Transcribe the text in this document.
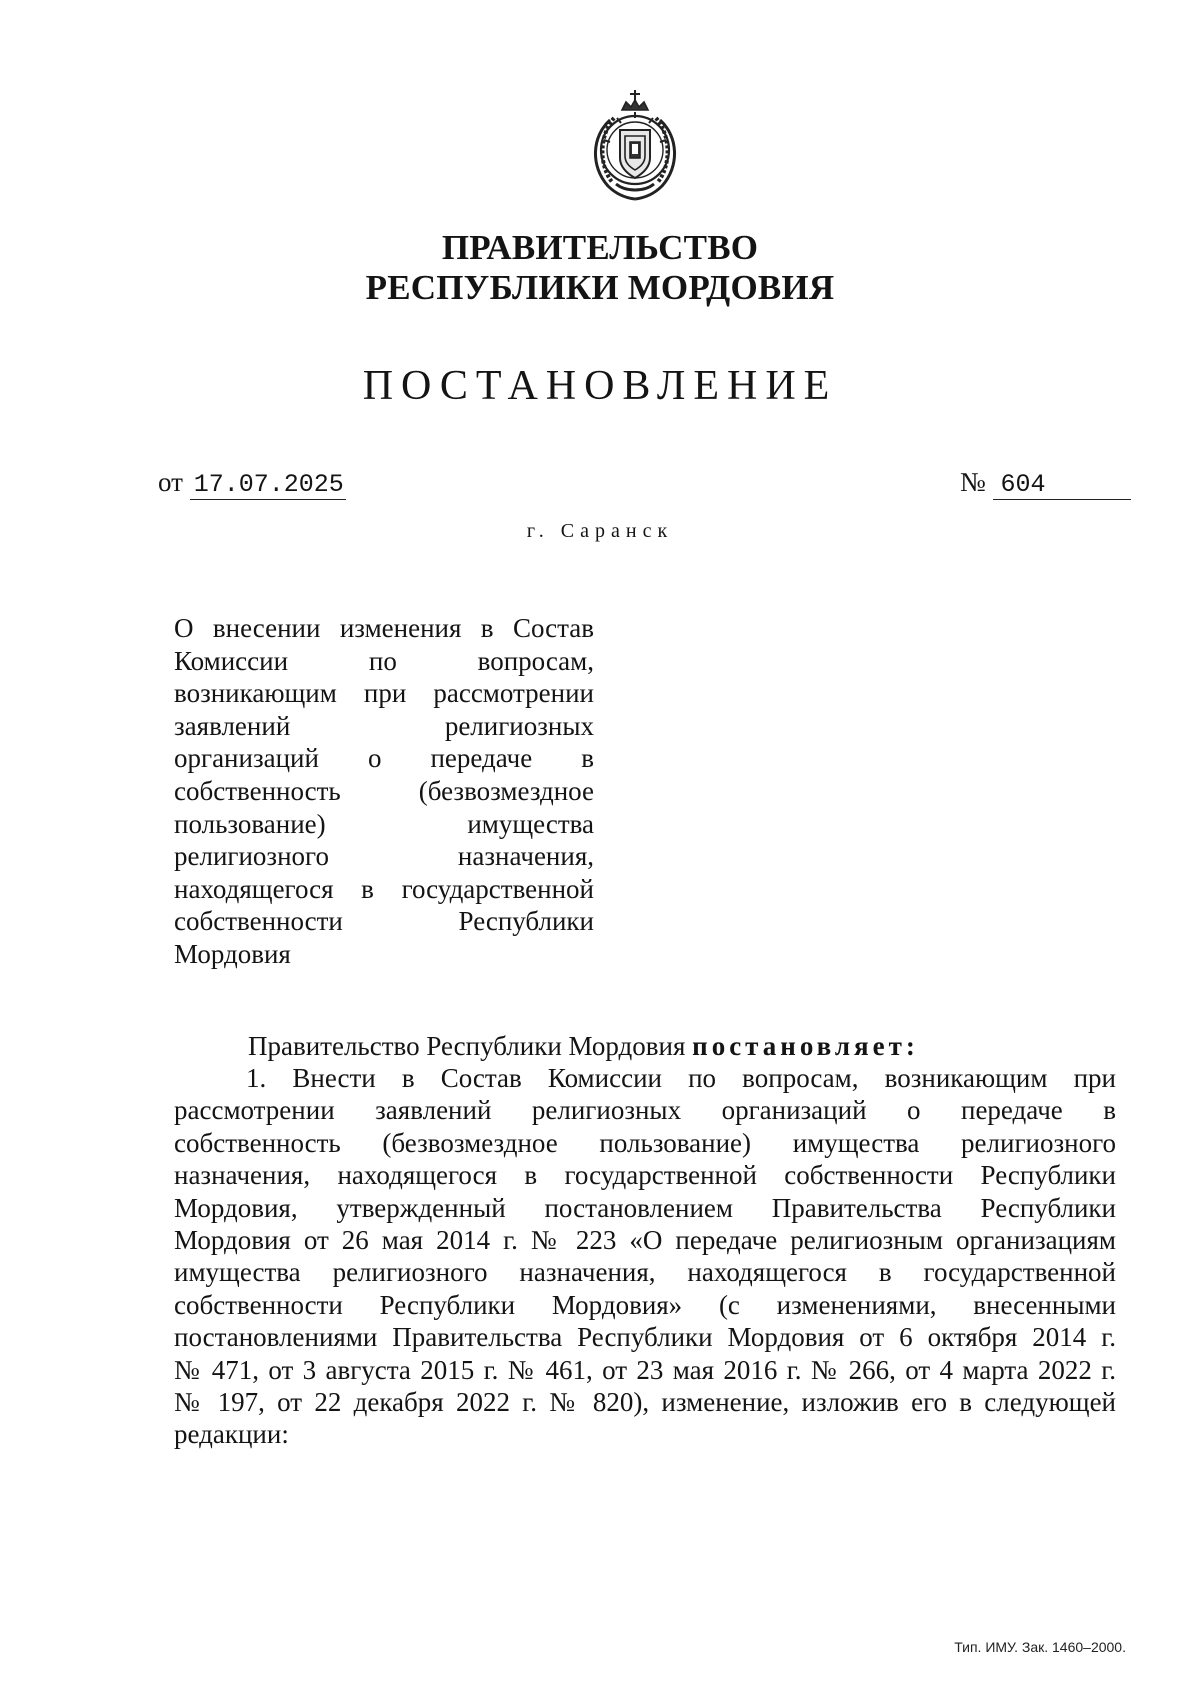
ПРАВИТЕЛЬСТВО
РЕСПУБЛИКИ МОРДОВИЯ
ПОСТАНОВЛЕНИЕ
от 17.07.2025	№ 604
г. Саранск
О внесении изменения в Состав
Комиссии по вопросам,
возникающим при рассмотрении
заявлений религиозных
организаций о передаче в
собственность (безвозмездное
пользование) имущества
религиозного назначения,
находящегося в государственной
собственности Республики
Мордовия
Правительство Республики Мордовия постановляет:
1. Внести в Состав Комиссии по вопросам, возникающим при
рассмотрении заявлений религиозных организаций о передаче в
собственность (безвозмездное пользование) имущества религиозного
назначения, находящегося в государственной собственности Республики
Мордовия, утвержденный постановлением Правительства Республики
Мордовия от 26 мая 2014 г. № 223 «О передаче религиозным организациям
имущества религиозного назначения, находящегося в государственной
собственности Республики Мордовия» (с изменениями, внесенными
постановлениями Правительства Республики Мордовия от 6 октября 2014 г.
№ 471, от 3 августа 2015 г. № 461, от 23 мая 2016 г. № 266, от 4 марта 2022 г.
№ 197, от 22 декабря 2022 г. № 820), изменение, изложив его в следующей
редакции:
Тип. ИМУ. Зак. 1460–2000.
